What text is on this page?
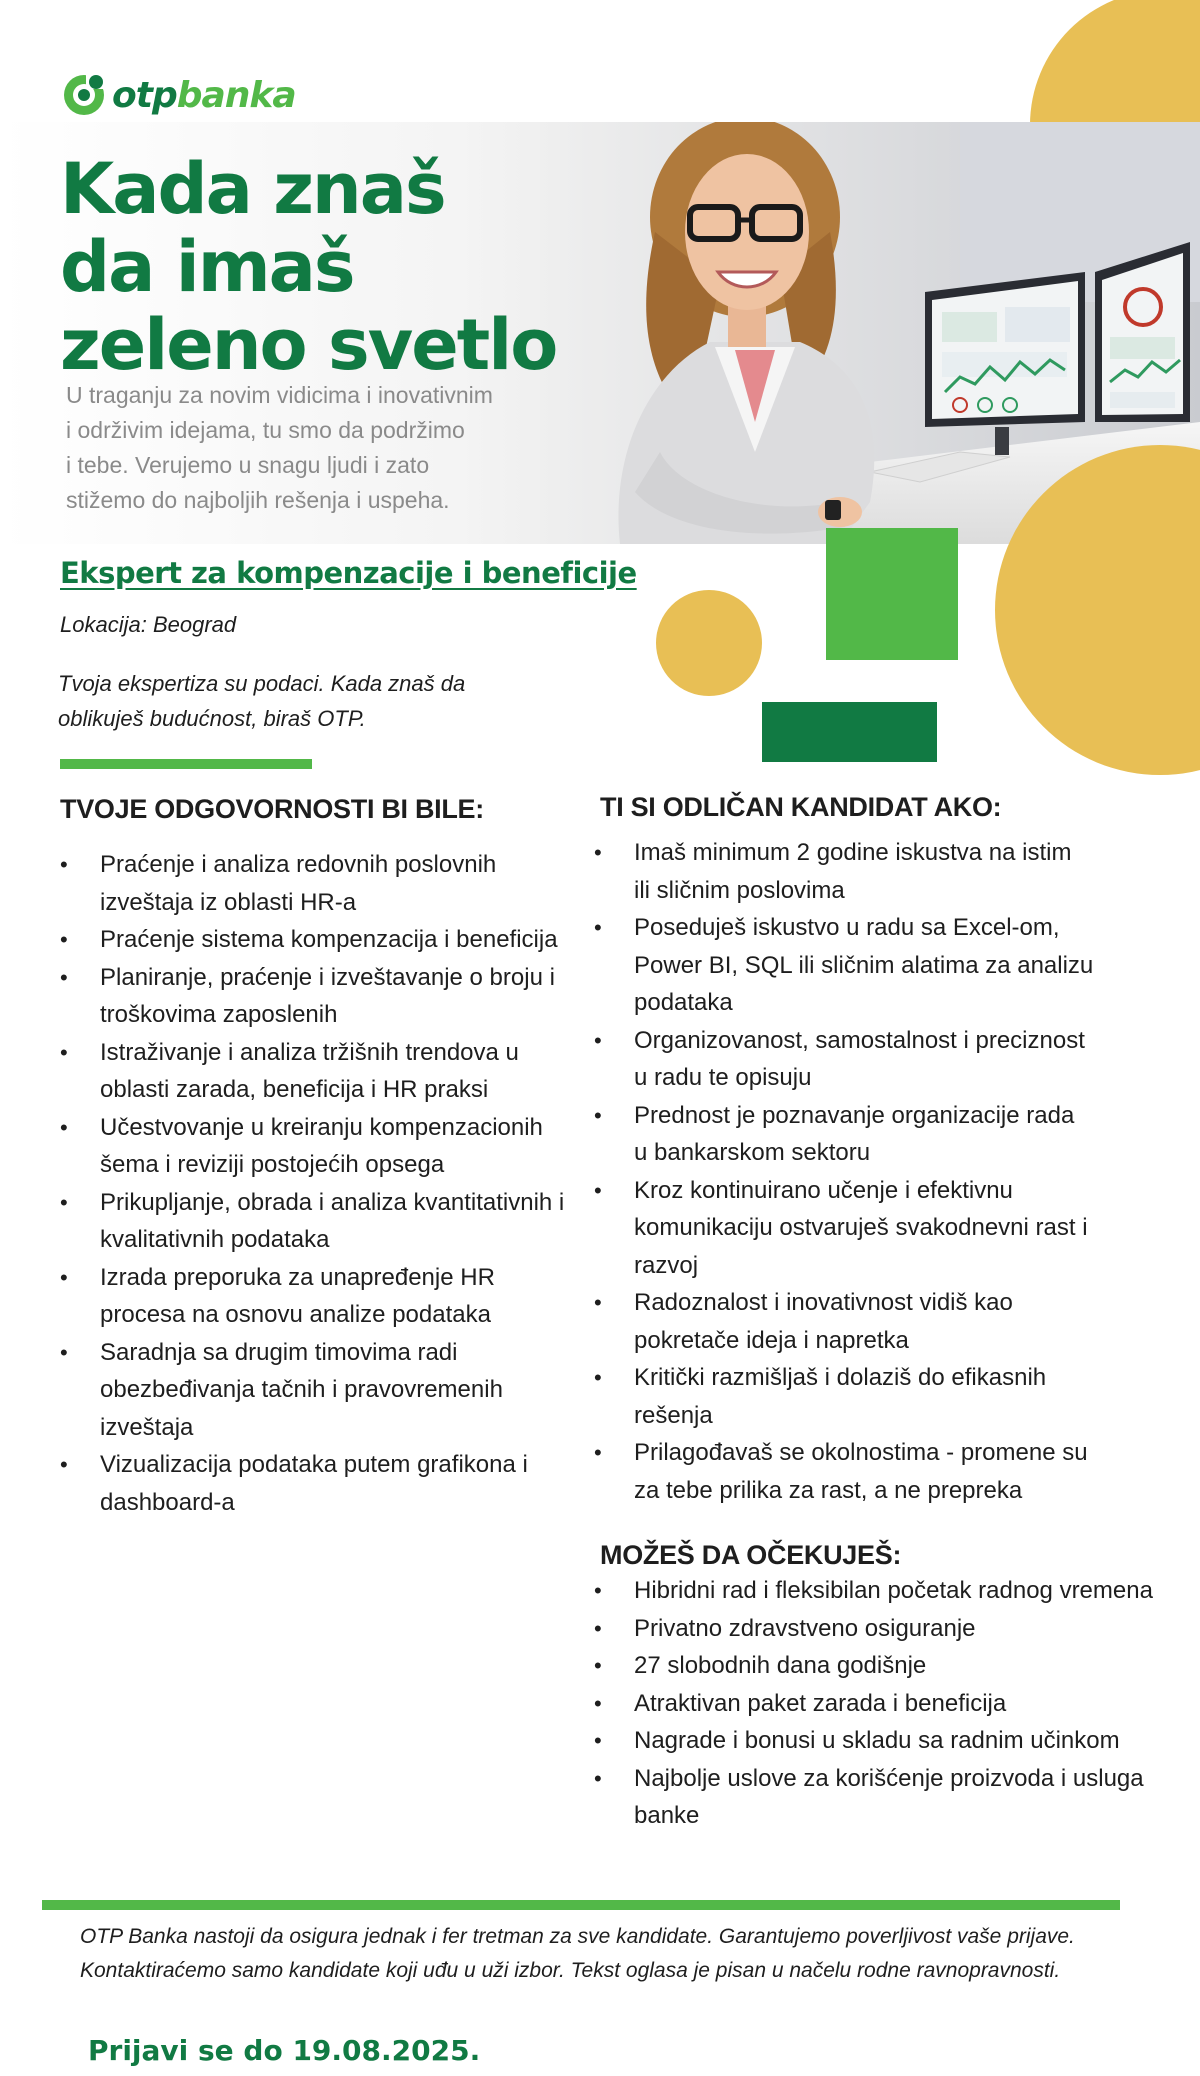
otpbanka
Kada znaš
da imaš
zeleno svetlo
U traganju za novim vidicima i inovativnim
i održivim idejama, tu smo da podržimo
i tebe. Verujemo u snagu ljudi i zato
stižemo do najboljih rešenja i uspeha.
Ekspert za kompenzacije i beneficije
Lokacija: Beograd
Tvoja ekspertiza su podaci. Kada znaš da
oblikuješ budućnost, biraš OTP.
TVOJE ODGOVORNOSTI BI BILE:
• Praćenje i analiza redovnih poslovnih izveštaja iz oblasti HR-a
• Praćenje sistema kompenzacija i beneficija
• Planiranje, praćenje i izveštavanje o broju i troškovima zaposlenih
• Istraživanje i analiza tržišnih trendova u oblasti zarada, beneficija i HR praksi
• Učestvovanje u kreiranju kompenzacionih šema i reviziji postojećih opsega
• Prikupljanje, obrada i analiza kvantitativnih i kvalitativnih podataka
• Izrada preporuka za unapređenje HR procesa na osnovu analize podataka
• Saradnja sa drugim timovima radi obezbeđivanja tačnih i pravovremenih izveštaja
• Vizualizacija podataka putem grafikona i dashboard-a
TI SI ODLIČAN KANDIDAT AKO:
• Imaš minimum 2 godine iskustva na istim ili sličnim poslovima
• Poseduješ iskustvo u radu sa Excel-om, Power BI, SQL ili sličnim alatima za analizu podataka
• Organizovanost, samostalnost i preciznost u radu te opisuju
• Prednost je poznavanje organizacije rada u bankarskom sektoru
• Kroz kontinuirano učenje i efektivnu komunikaciju ostvaruješ svakodnevni rast i razvoj
• Radoznalost i inovativnost vidiš kao pokretače ideja i napretka
• Kritički razmišljaš i dolaziš do efikasnih rešenja
• Prilagođavaš se okolnostima - promene su za tebe prilika za rast, a ne prepreka
MOŽEŠ DA OČEKUJEŠ:
• Hibridni rad i fleksibilan početak radnog vremena
• Privatno zdravstveno osiguranje
• 27 slobodnih dana godišnje
• Atraktivan paket zarada i beneficija
• Nagrade i bonusi u skladu sa radnim učinkom
• Najbolje uslove za korišćenje proizvoda i usluga banke
OTP Banka nastoji da osigura jednak i fer tretman za sve kandidate. Garantujemo poverljivost vaše prijave. Kontaktiraćemo samo kandidate koji uđu u uži izbor. Tekst oglasa je pisan u načelu rodne ravnopravnosti.
Prijavi se do 19.08.2025.
